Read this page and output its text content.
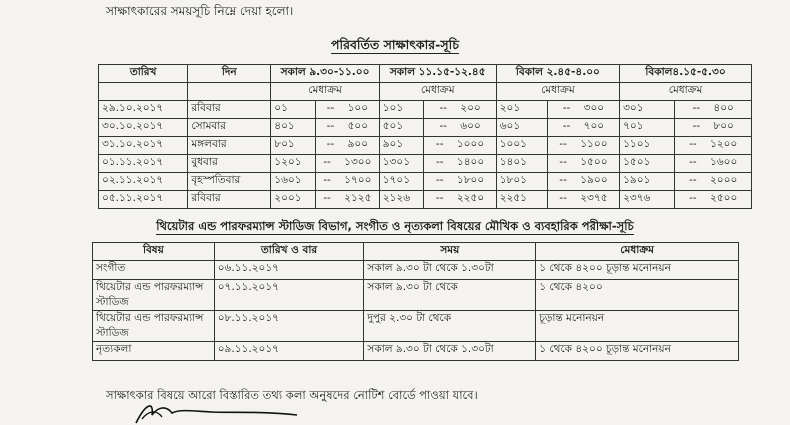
সাক্ষাৎকারের সময়সূচি নিম্নে দেয়া হলো।
পরিবর্তিত সাক্ষাৎকার-সূচি
তারিখ	দিন	সকাল ৯.৩০-১১.০০		সকাল ১১.১৫-১২.৪৫		বিকাল ২.৪৫-৪.০০		বিকাল৪.১৫-৫.৩০	
		মেধাক্রম		মেধাক্রম		মেধাক্রম		মেধাক্রম	
২৯.১০.২০১৭	রবিবার	০১	--    ১০০	১০১	--    ২০০	২০১	--    ৩০০	৩০১	--    ৪০০
৩০.১০.২০১৭	সোমবার	৪০১	--    ৫০০	৫০১	--    ৬০০	৬০১	--    ৭০০	৭০১	--    ৮০০
৩১.১০.২০১৭	মঙ্গলবার	৮০১	--    ৯০০	৯০১	--    ১০০০	১০০১	--    ১১০০	১১০১	--    ১২০০
০১.১১.২০১৭	বুধবার	১২০১	--    ১৩০০	১৩০১	--    ১৪০০	১৪০১	--    ১৫০০	১৫০১	--    ১৬০০
০২.১১.২০১৭	বৃহস্পতিবার	১৬০১	--    ১৭০০	১৭০১	--    ১৮০০	১৮০১	--    ১৯০০	১৯০১	--    ২০০০
০৫.১১.২০১৭	রবিবার	২০০১	--    ২১২৫	২১২৬	--    ২২৫০	২২৫১	--    ২৩৭৫	২৩৭৬	--    ২৫০০
থিয়েটার এন্ড পারফরম্যান্স স্টাডিজ বিভাগ, সংগীত ও নৃত্যকলা বিষয়ের মৌখিক ও ব্যবহারিক পরীক্ষা-সূচি
বিষয়	তারিখ ও বার	সময়	মেধাক্রম
সংগীত	০৬.১১.২০১৭	সকাল ৯.৩০ টা থেকে ১.৩০টা	১ থেকে ৪২০০ চূড়ান্ত মনোনয়ন
থিয়েটার এন্ড পারফরম্যান্স স্টাডিজ	০৭.১১.২০১৭	সকাল ৯.৩০ টা থেকে	১ থেকে ৪২০০
থিয়েটার এন্ড পারফরম্যান্স স্টাডিজ	০৮.১১.২০১৭	দুপুর ২.৩০ টা থেকে	চূড়ান্ত মনোনয়ন
নৃত্যকলা	০৯.১১.২০১৭	সকাল ৯.৩০ টা থেকে ১.৩০টা	১ থেকে ৪২০০ চূড়ান্ত মনোনয়ন
সাক্ষাৎকার বিষয়ে আরো বিস্তারিত তথ্য কলা অনুষদের নোটিশ বোর্ডে পাওয়া যাবে।
